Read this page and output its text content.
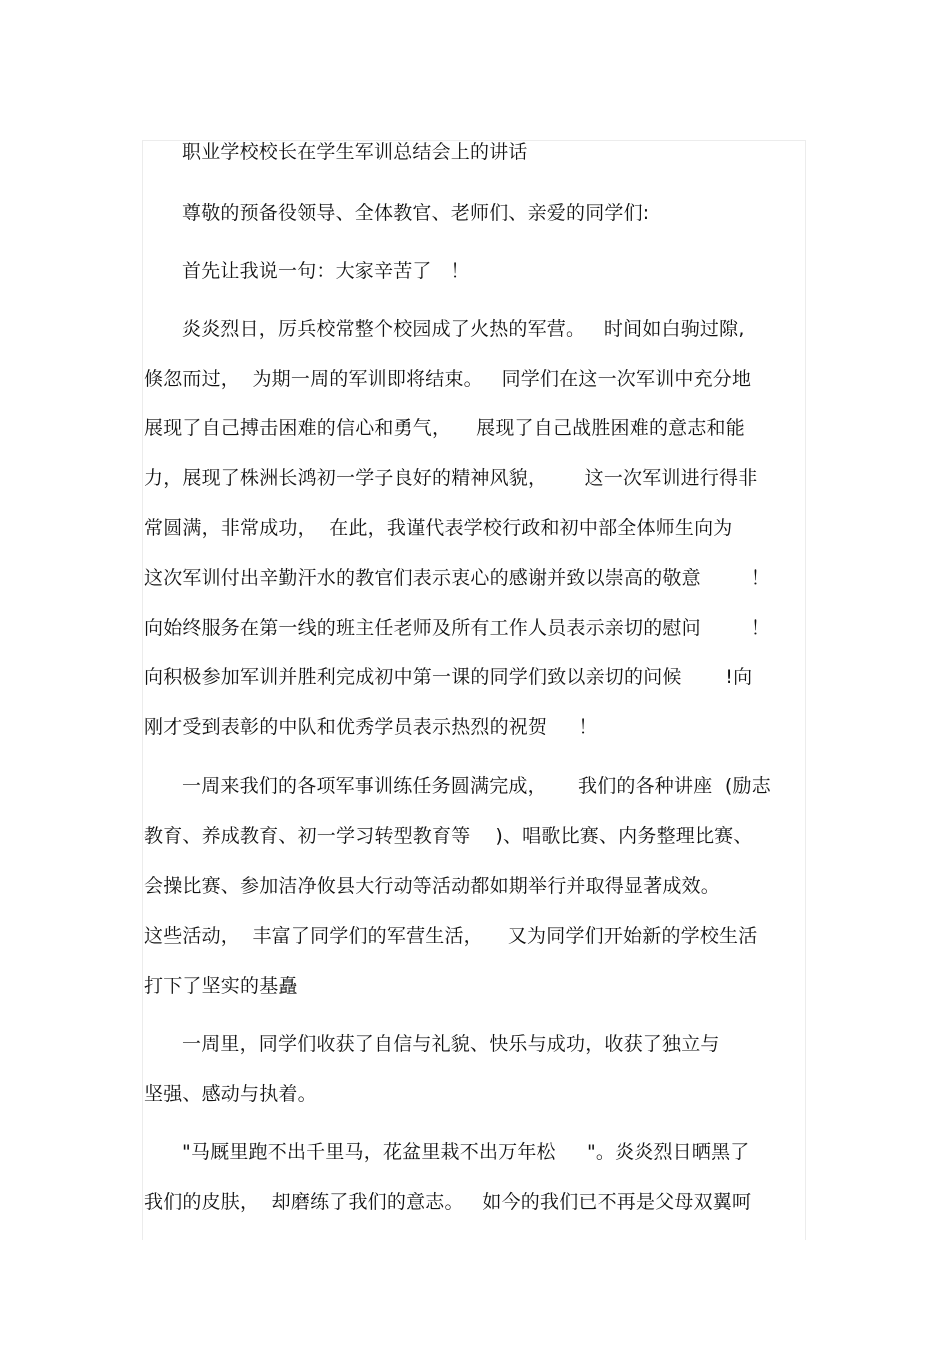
职业学校校长在学生军训总结会上的讲话
尊敬的预备役领导、全体教官、老师们、亲爱的同学们:
首先让我说一句：大家辛苦了   ！
炎炎烈日，厉兵校常整个校园成了火热的军营。   时间如白驹过隙,
倏忽而过，  为期一周的军训即将结束。   同学们在这一次军训中充分地
展现了自己搏击困难的信心和勇气，    展现了自己战胜困难的意志和能
力，展现了株洲长鸿初一学子良好的精神风貌，      这一次军训进行得非
常圆满，非常成功，  在此，我谨代表学校行政和初中部全体师生向为
这次军训付出辛勤汗水的教官们表示衷心的感谢并致以崇高的敬意        ！
向始终服务在第一线的班主任老师及所有工作人员表示亲切的慰问        ！
向积极参加军训并胜利完成初中第一课的同学们致以亲切的问候       !向
刚才受到表彰的中队和优秀学员表示热烈的祝贺     ！
一周来我们的各项军事训练任务圆满完成，     我们的各种讲座  (励志
教育、养成教育、初一学习转型教育等    )、唱歌比赛、内务整理比赛、
会操比赛、参加洁净攸县大行动等活动都如期举行并取得显著成效。
这些活动，  丰富了同学们的军营生活，    又为同学们开始新的学校生活
打下了坚实的基矗
一周里，同学们收获了自信与礼貌、快乐与成功，收获了独立与
坚强、感动与执着。
"马厩里跑不出千里马，花盆里栽不出万年松     "。炎炎烈日晒黑了
我们的皮肤，  却磨练了我们的意志。   如今的我们已不再是父母双翼呵
